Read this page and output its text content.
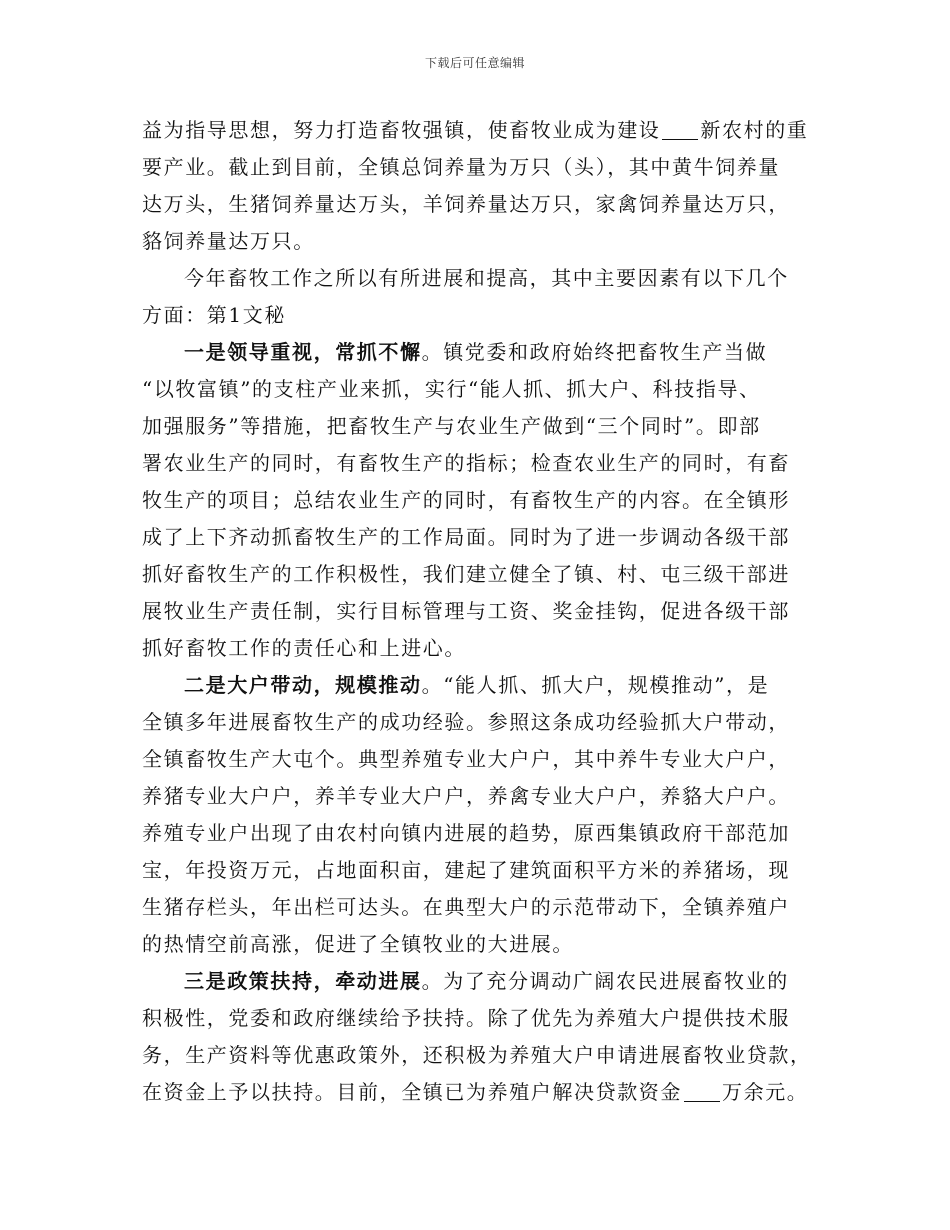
下载后可任意编辑
益为指导思想，努力打造畜牧强镇，使畜牧业成为建设 新农村的重
要产业。截止到目前，全镇总饲养量为万只（头），其中黄牛饲养量
达万头，生猪饲养量达万头，羊饲养量达万只，家禽饲养量达万只，
貉饲养量达万只。
今年畜牧工作之所以有所进展和提高，其中主要因素有以下几个
方面：第1文秘
一是领导重视，常抓不懈。镇党委和政府始终把畜牧生产当做
“以牧富镇”的支柱产业来抓，实行“能人抓、抓大户、科技指导、
加强服务”等措施，把畜牧生产与农业生产做到“三个同时”。即部
署农业生产的同时，有畜牧生产的指标；检查农业生产的同时，有畜
牧生产的项目；总结农业生产的同时，有畜牧生产的内容。在全镇形
成了上下齐动抓畜牧生产的工作局面。同时为了进一步调动各级干部
抓好畜牧生产的工作积极性，我们建立健全了镇、村、屯三级干部进
展牧业生产责任制，实行目标管理与工资、奖金挂钩，促进各级干部
抓好畜牧工作的责任心和上进心。
二是大户带动，规模推动。“能人抓、抓大户，规模推动”，是
全镇多年进展畜牧生产的成功经验。参照这条成功经验抓大户带动，
全镇畜牧生产大屯个。典型养殖专业大户户，其中养牛专业大户户，
养猪专业大户户，养羊专业大户户，养禽专业大户户，养貉大户户。
养殖专业户出现了由农村向镇内进展的趋势，原西集镇政府干部范加
宝，年投资万元，占地面积亩，建起了建筑面积平方米的养猪场，现
生猪存栏头，年出栏可达头。在典型大户的示范带动下，全镇养殖户
的热情空前高涨，促进了全镇牧业的大进展。
三是政策扶持，牵动进展。为了充分调动广阔农民进展畜牧业的
积极性，党委和政府继续给予扶持。除了优先为养殖大户提供技术服
务，生产资料等优惠政策外，还积极为养殖大户申请进展畜牧业贷款，
在资金上予以扶持。目前，全镇已为养殖户解决贷款资金 万余元。
